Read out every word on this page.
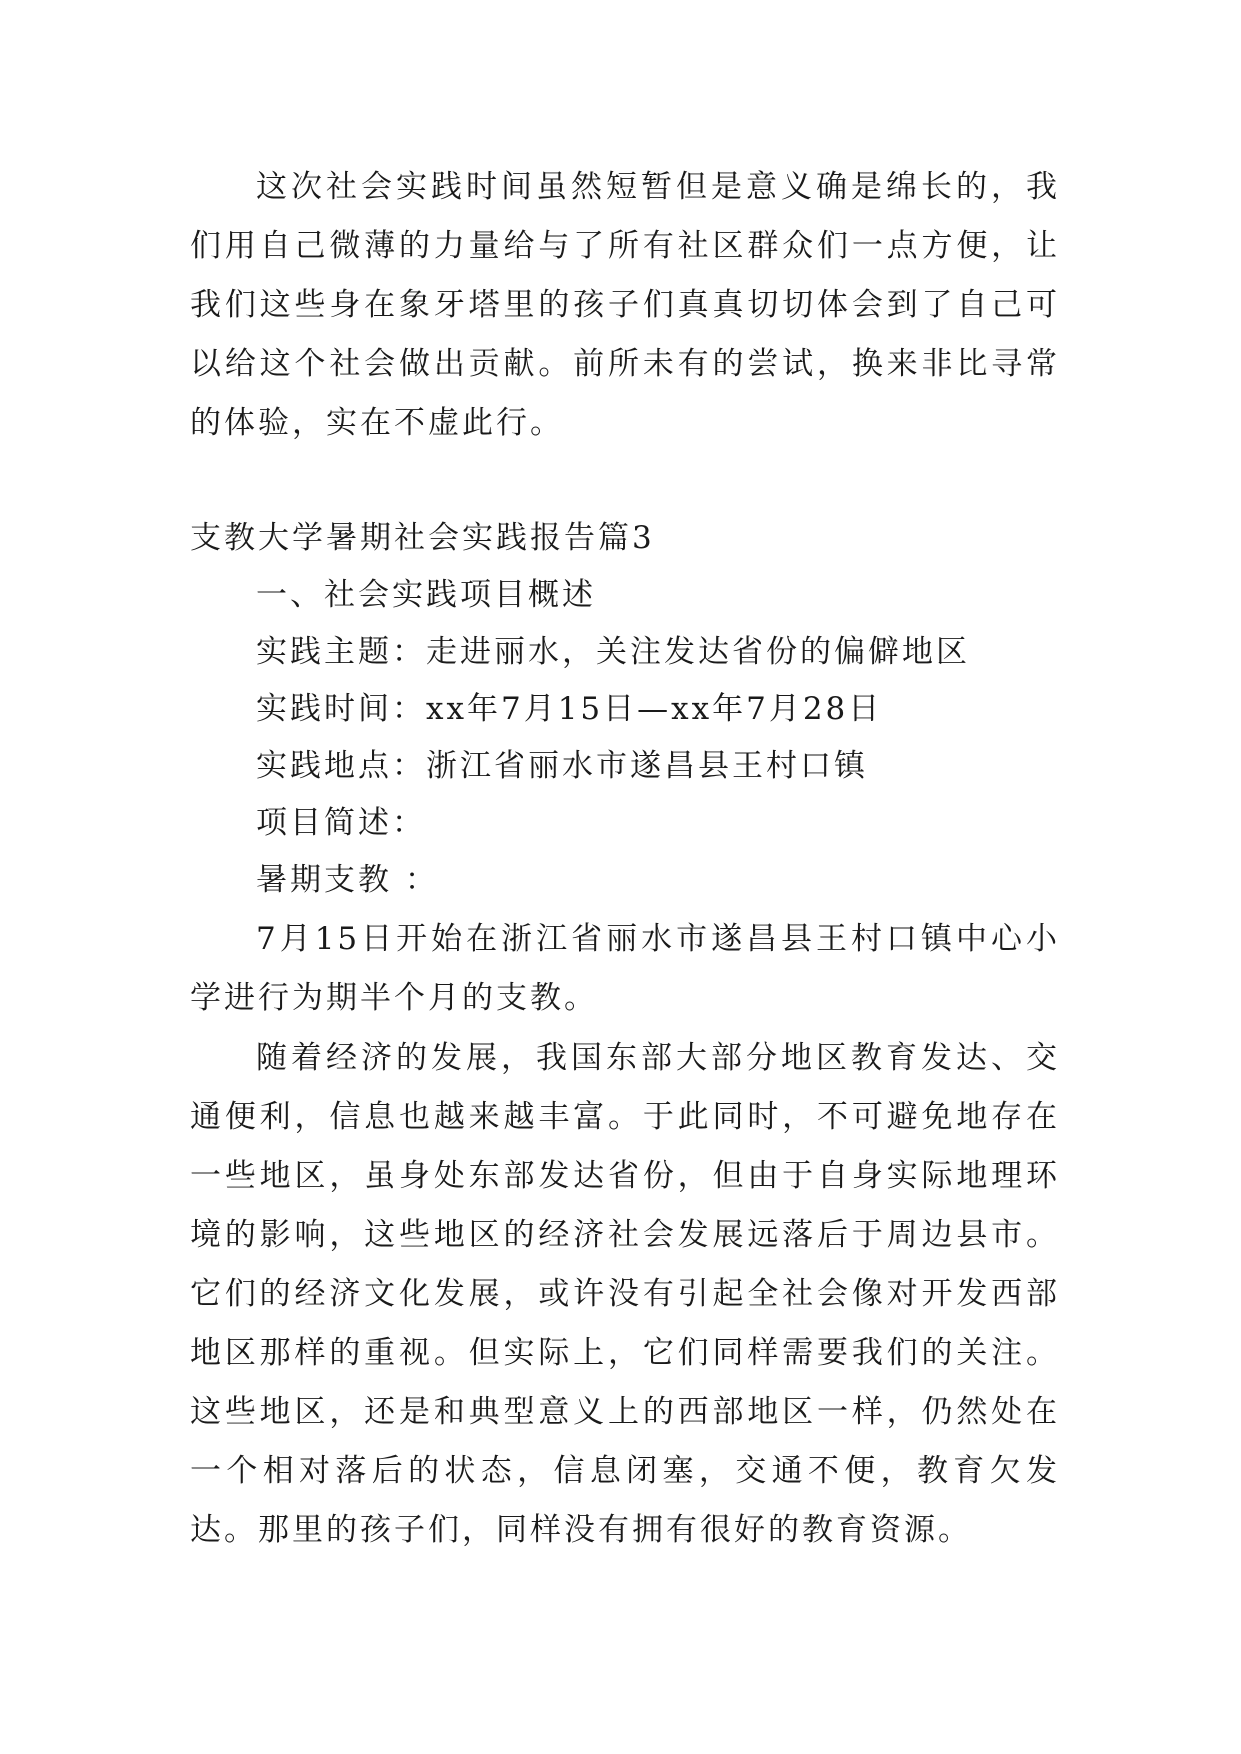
这次社会实践时间虽然短暂但是意义确是绵长的，我们用自己微薄的力量给与了所有社区群众们一点方便，让我们这些身在象牙塔里的孩子们真真切切体会到了自己可以给这个社会做出贡献。前所未有的尝试，换来非比寻常的体验，实在不虚此行。

支教大学暑期社会实践报告篇3

一、社会实践项目概述

实践主题：走进丽水，关注发达省份的偏僻地区

实践时间：xx年7月15日—xx年7月28日

实践地点：浙江省丽水市遂昌县王村口镇

项目简述：

暑期支教 ：

7月15日开始在浙江省丽水市遂昌县王村口镇中心小学进行为期半个月的支教。

随着经济的发展，我国东部大部分地区教育发达、交通便利，信息也越来越丰富。于此同时，不可避免地存在一些地区，虽身处东部发达省份，但由于自身实际地理环境的影响，这些地区的经济社会发展远落后于周边县市。它们的经济文化发展，或许没有引起全社会像对开发西部地区那样的重视。但实际上，它们同样需要我们的关注。这些地区，还是和典型意义上的西部地区一样，仍然处在一个相对落后的状态，信息闭塞，交通不便，教育欠发达。那里的孩子们，同样没有拥有很好的教育资源。
